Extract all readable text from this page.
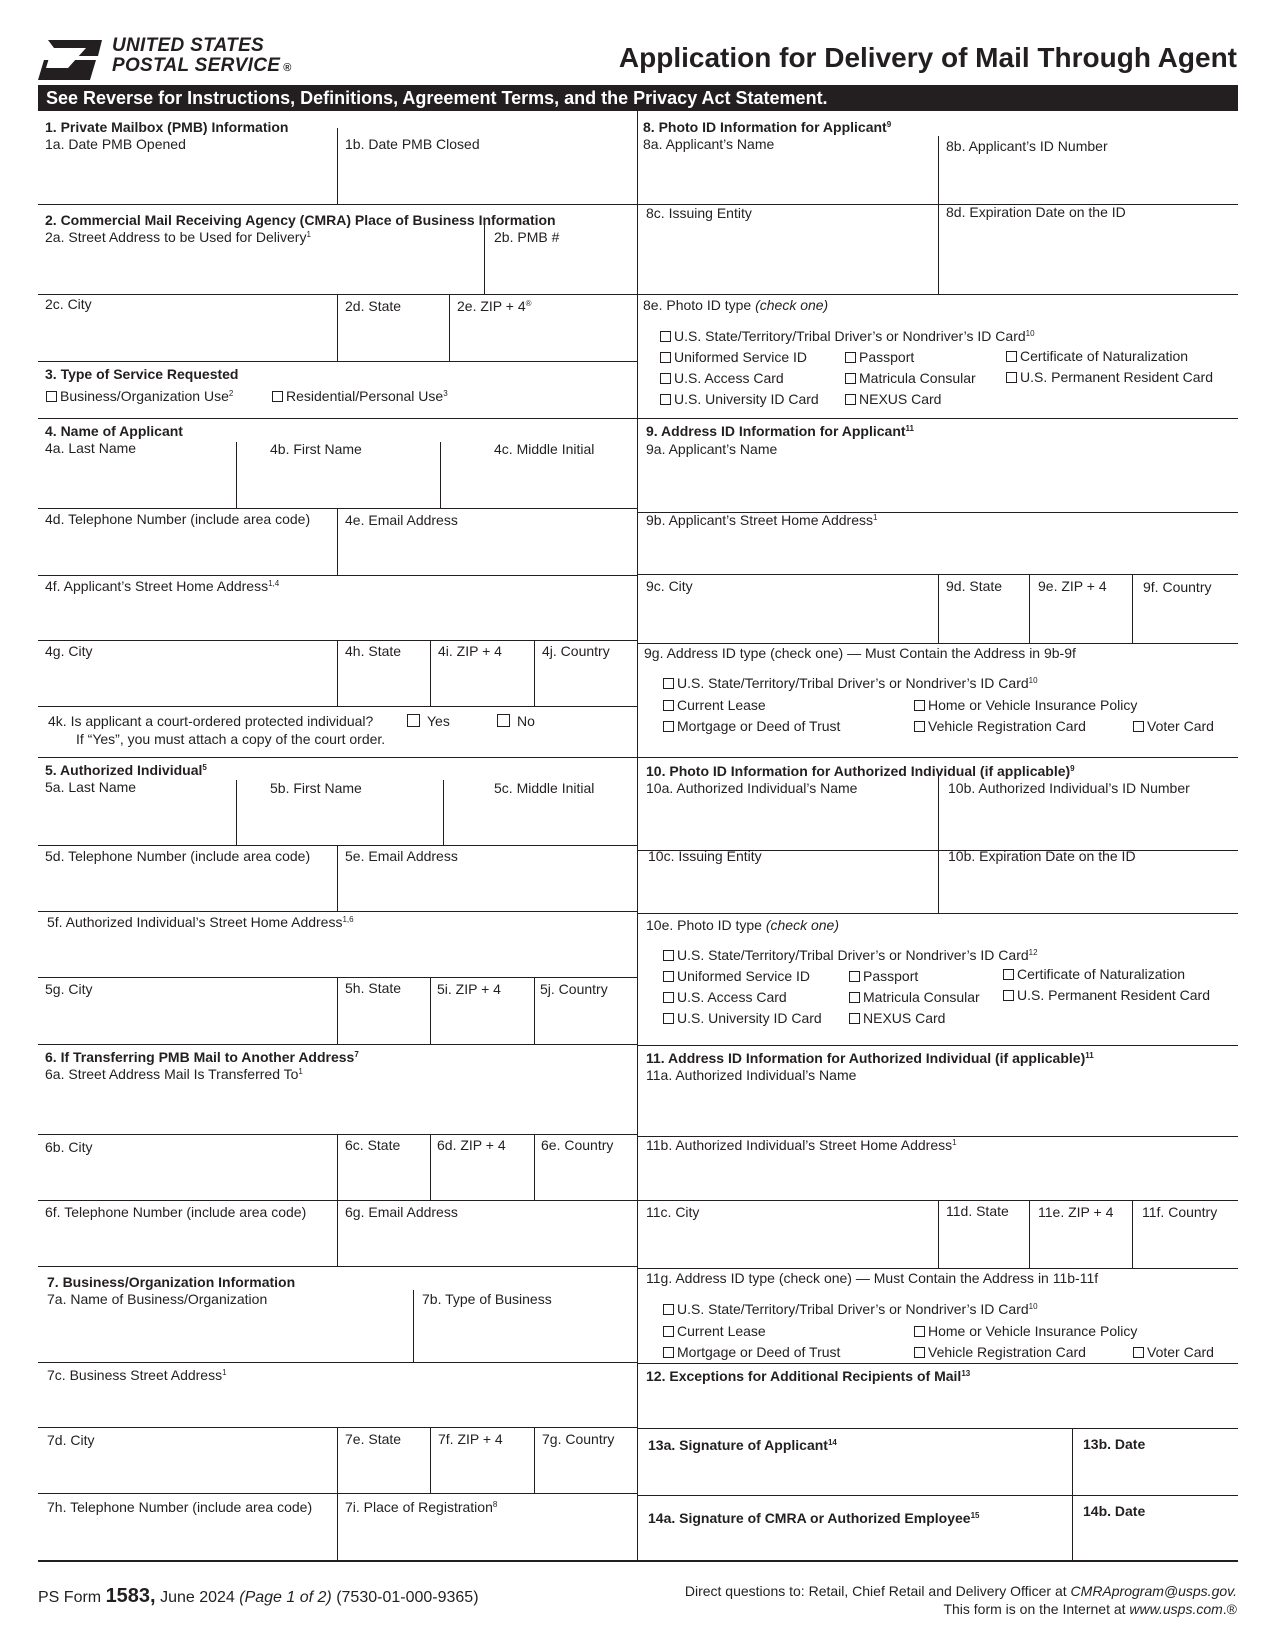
UNITED STATES
POSTAL SERVICE ®	Application for Delivery of Mail Through Agent
See Reverse for Instructions, Definitions, Agreement Terms, and the Privacy Act Statement.
1. Private Mailbox (PMB) Information
1a. Date PMB Opened	1b. Date PMB Closed
2. Commercial Mail Receiving Agency (CMRA) Place of Business Information
2a. Street Address to be Used for Delivery$^1$	2b. PMB #
2c. City	2d. State	2e. ZIP + 4®
3. Type of Service Requested
Business/Organization Use$^2$	Residential/Personal Use$^3$
4. Name of Applicant
4a. Last Name	4b. First Name	4c. Middle Initial
4d. Telephone Number (include area code) 4e. Email Address
4f. Applicant’s Street Home Address$^{1,4}$
4g. City	4h. State	4i. ZIP + 4	4j. Country
4k. Is applicant a court-ordered protected individual?	Yes	No
If “Yes”, you must attach a copy of the court order.
5. Authorized Individual$^5$
5a. Last Name	5b. First Name	5c. Middle Initial
5d. Telephone Number (include area code) 5e. Email Address
5f. Authorized Individual’s Street Home Address$^{1,6}$
5g. City	5h. State	5i. ZIP + 4	5j. Country
6. If Transferring PMB Mail to Another Address$^7$
6a. Street Address Mail Is Transferred To$^1$
6b. City	6c. State	6d. ZIP + 4	6e. Country
6f. Telephone Number (include area code)	6g. Email Address
7. Business/Organization Information
7a. Name of Business/Organization	7b. Type of Business
7c. Business Street Address$^1$
7d. City	7e. State	7f. ZIP + 4	7g. Country
7h. Telephone Number (include area code) 7i. Place of Registration$^8$
8. Photo ID Information for Applicant$^9$
8a. Applicant’s Name	8b. Applicant’s ID Number
8c. Issuing Entity	8d. Expiration Date on the ID
8e. Photo ID type (check one)
U.S. State/Territory/Tribal Driver’s or Nondriver’s ID Card$^{10}$
Uniformed Service ID	Passport	Certificate of Naturalization
U.S. Access Card	Matricula Consular	U.S. Permanent Resident Card
U.S. University ID Card	NEXUS Card
9. Address ID Information for Applicant$^{11}$
9a. Applicant’s Name
9b. Applicant’s Street Home Address$^1$
9c. City	9d. State	9e. ZIP + 4	9f. Country
9g. Address ID type (check one) — Must Contain the Address in 9b-9f
U.S. State/Territory/Tribal Driver’s or Nondriver’s ID Card$^{10}$
Current Lease	Home or Vehicle Insurance Policy
Mortgage or Deed of Trust	Vehicle Registration Card	Voter Card
10. Photo ID Information for Authorized Individual (if applicable)$^9$
10a. Authorized Individual’s Name	10b. Authorized Individual’s ID Number
10c. Issuing Entity	10b. Expiration Date on the ID
10e. Photo ID type (check one)
U.S. State/Territory/Tribal Driver’s or Nondriver’s ID Card$^{12}$
Uniformed Service ID	Passport	Certificate of Naturalization
U.S. Access Card	Matricula Consular	U.S. Permanent Resident Card
U.S. University ID Card	NEXUS Card
11. Address ID Information for Authorized Individual (if applicable)$^{11}$
11a. Authorized Individual’s Name
11b. Authorized Individual’s Street Home Address$^1$
11c. City	11d. State 11e. ZIP + 4 11f. Country
11g. Address ID type (check one) — Must Contain the Address in 11b-11f
U.S. State/Territory/Tribal Driver’s or Nondriver’s ID Card$^{10}$
Current Lease	Home or Vehicle Insurance Policy
Mortgage or Deed of Trust	Vehicle Registration Card	Voter Card
12. Exceptions for Additional Recipients of Mail$^{13}$
13a. Signature of Applicant$^{14}$	13b. Date
14a. Signature of CMRA or Authorized Employee$^{15}$	14b. Date
PS Form 1583, June 2024 (Page 1 of 2) (7530-01-000-9365)	Direct questions to: Retail, Chief Retail and Delivery Officer at CMRAprogram@usps.gov.
This form is on the Internet at www.usps.com.®
